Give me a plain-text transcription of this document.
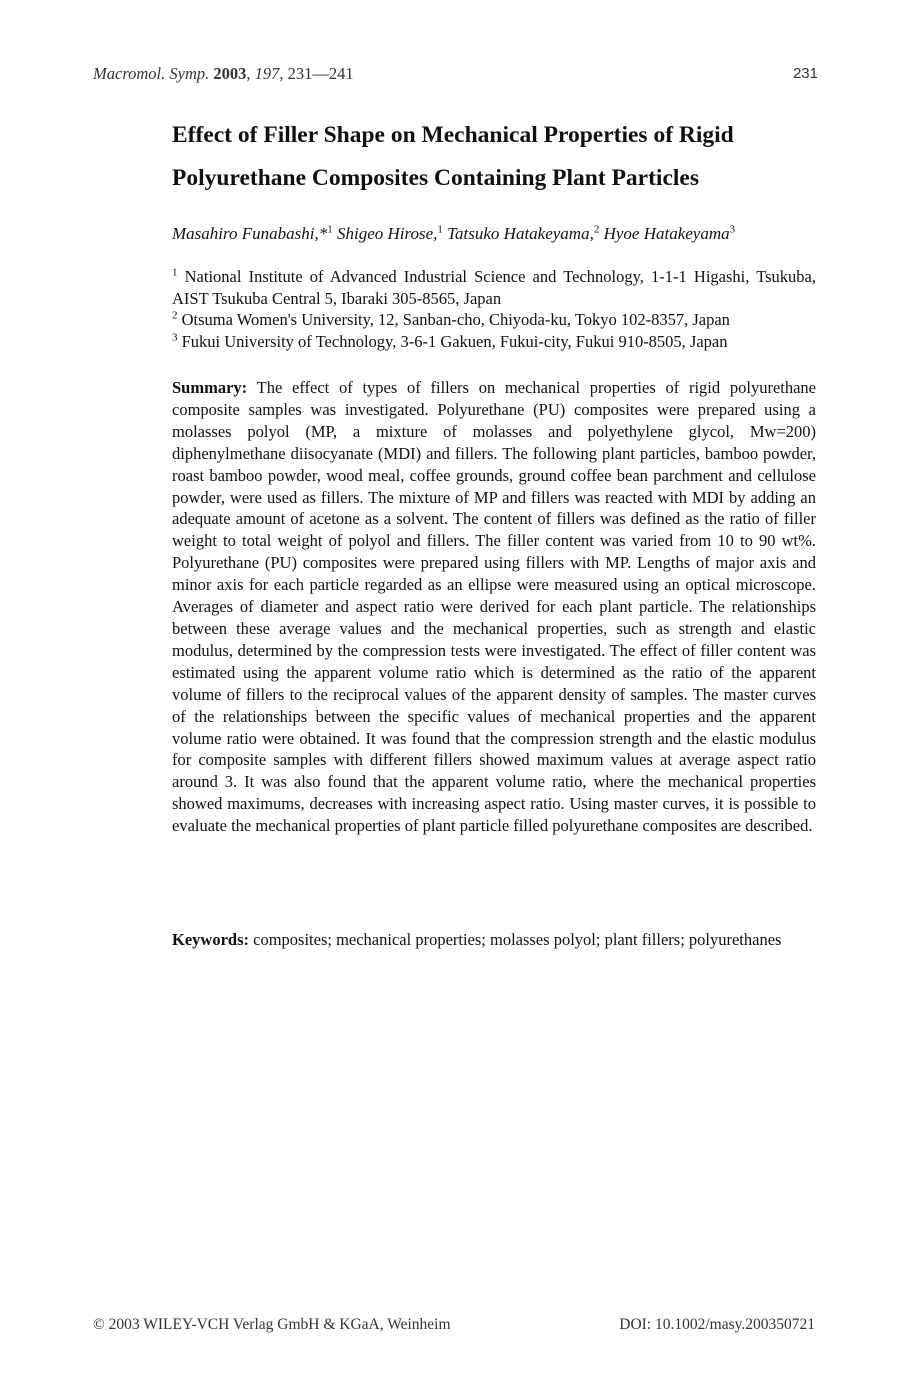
Macromol. Symp. 2003, 197, 231—241	231
Effect of Filler Shape on Mechanical Properties of Rigid Polyurethane Composites Containing Plant Particles
Masahiro Funabashi,*$^1$ Shigeo Hirose,$^1$ Tatsuko Hatakeyama,$^2$ Hyoe Hatakeyama$^3$

$^1$ National Institute of Advanced Industrial Science and Technology, 1-1-1 Higashi, Tsukuba, AIST Tsukuba Central 5, Ibaraki 305-8565, Japan

$^2$ Otsuma Women's University, 12, Sanban-cho, Chiyoda-ku, Tokyo 102-8357, Japan

$^3$ Fukui University of Technology, 3-6-1 Gakuen, Fukui-city, Fukui 910-8505, Japan

Summary: The effect of types of fillers on mechanical properties of rigid polyurethane composite samples was investigated. Polyurethane (PU) composites were prepared using a molasses polyol (MP, a mixture of molasses and polyethylene glycol, Mw=200) diphenylmethane diisocyanate (MDI) and fillers. The following plant particles, bamboo powder, roast bamboo powder, wood meal, coffee grounds, ground coffee bean parchment and cellulose powder, were used as fillers. The mixture of MP and fillers was reacted with MDI by adding an adequate amount of acetone as a solvent. The content of fillers was defined as the ratio of filler weight to total weight of polyol and fillers. The filler content was varied from 10 to 90 wt%. Polyurethane (PU) composites were prepared using fillers with MP. Lengths of major axis and minor axis for each particle regarded as an ellipse were measured using an optical microscope. Averages of diameter and aspect ratio were derived for each plant particle. The relationships between these average values and the mechanical properties, such as strength and elastic modulus, determined by the compression tests were investigated. The effect of filler content was estimated using the apparent volume ratio which is determined as the ratio of the apparent volume of fillers to the reciprocal values of the apparent density of samples. The master curves of the relationships between the specific values of mechanical properties and the apparent volume ratio were obtained. It was found that the compression strength and the elastic modulus for composite samples with different fillers showed maximum values at average aspect ratio around 3. It was also found that the apparent volume ratio, where the mechanical properties showed maximums, decreases with increasing aspect ratio. Using master curves, it is possible to evaluate the mechanical properties of plant particle filled polyurethane composites are described.

Keywords: composites; mechanical properties; molasses polyol; plant fillers; polyurethanes

© 2003 WILEY-VCH Verlag GmbH & KGaA, Weinheim	DOI: 10.1002/masy.200350721
